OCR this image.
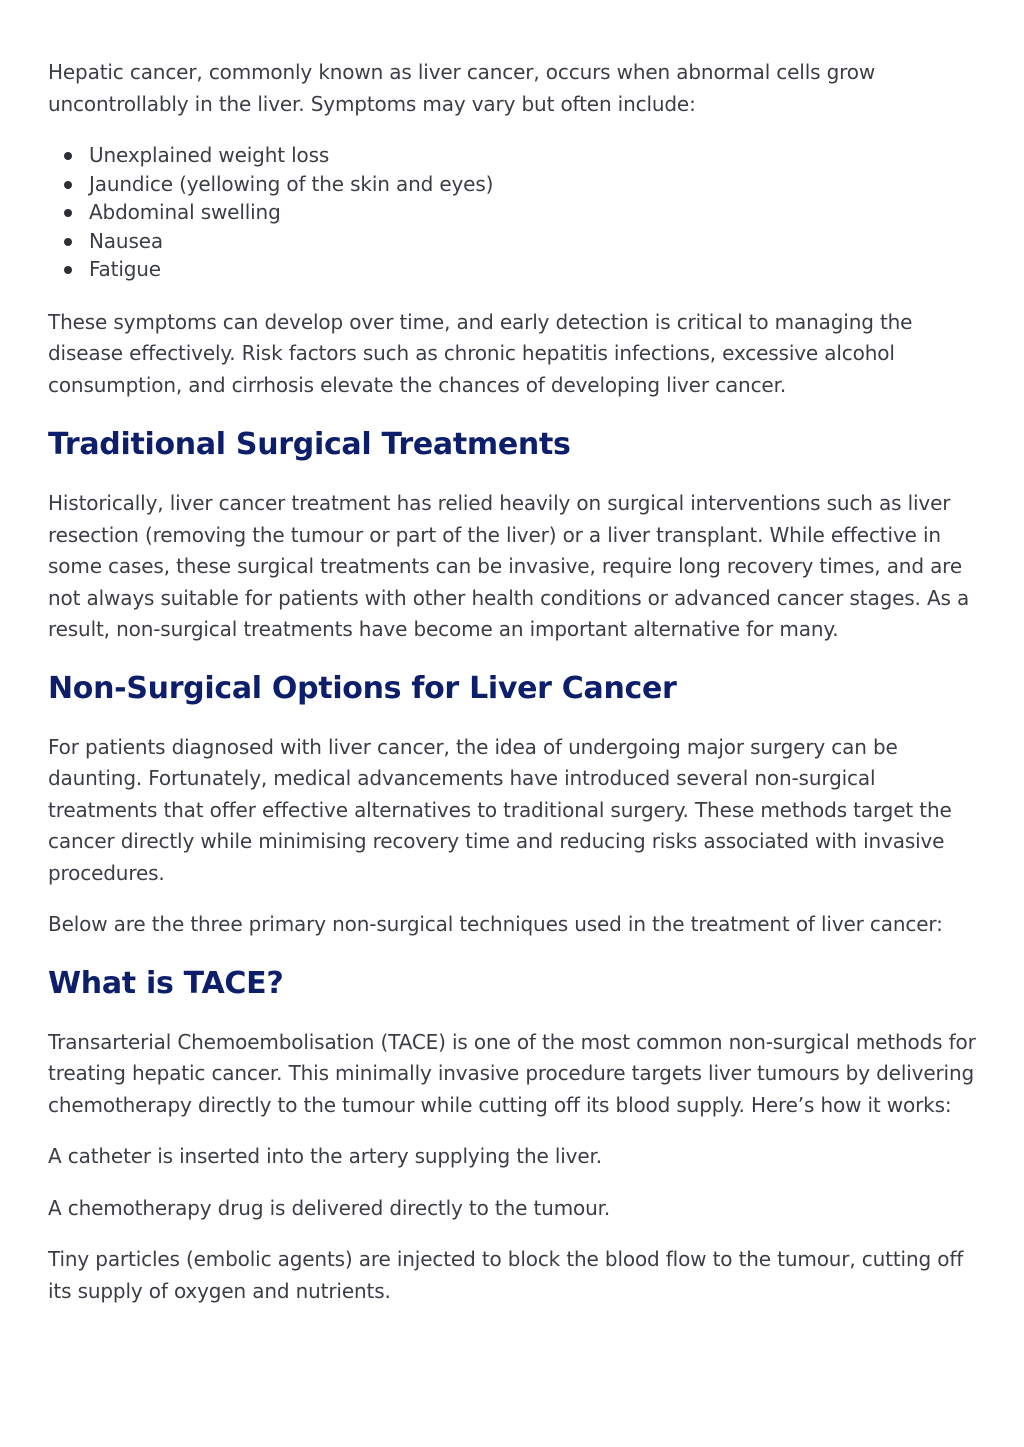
Hepatic cancer, commonly known as liver cancer, occurs when abnormal cells grow uncontrollably in the liver. Symptoms may vary but often include:

Unexplained weight loss
Jaundice (yellowing of the skin and eyes)
Abdominal swelling
Nausea
Fatigue

These symptoms can develop over time, and early detection is critical to managing the disease effectively. Risk factors such as chronic hepatitis infections, excessive alcohol consumption, and cirrhosis elevate the chances of developing liver cancer.

Traditional Surgical Treatments

Historically, liver cancer treatment has relied heavily on surgical interventions such as liver resection (removing the tumour or part of the liver) or a liver transplant. While effective in some cases, these surgical treatments can be invasive, require long recovery times, and are not always suitable for patients with other health conditions or advanced cancer stages. As a result, non-surgical treatments have become an important alternative for many.

Non-Surgical Options for Liver Cancer

For patients diagnosed with liver cancer, the idea of undergoing major surgery can be daunting. Fortunately, medical advancements have introduced several non-surgical treatments that offer effective alternatives to traditional surgery. These methods target the cancer directly while minimising recovery time and reducing risks associated with invasive procedures.

Below are the three primary non-surgical techniques used in the treatment of liver cancer:

What is TACE?

Transarterial Chemoembolisation (TACE) is one of the most common non-surgical methods for treating hepatic cancer. This minimally invasive procedure targets liver tumours by delivering chemotherapy directly to the tumour while cutting off its blood supply. Here’s how it works:

A catheter is inserted into the artery supplying the liver.

A chemotherapy drug is delivered directly to the tumour.

Tiny particles (embolic agents) are injected to block the blood flow to the tumour, cutting off its supply of oxygen and nutrients.
